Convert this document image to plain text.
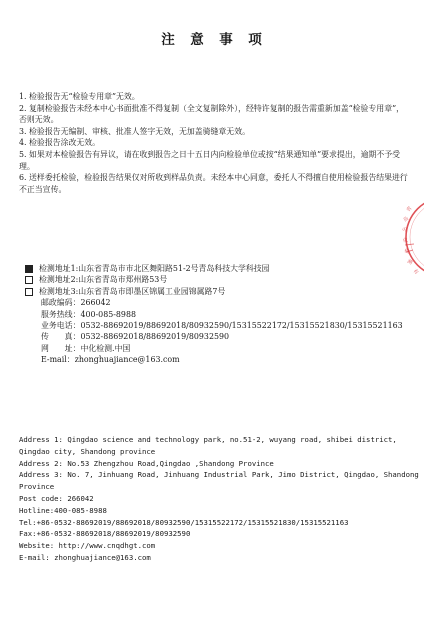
注　意　事　项

1. 检验报告无“检验专用章”无效。

2. 复制检验报告未经本中心书面批准不得复制（全文复制除外），经特许复制的报告需重新加盖“检验专用章”，否则无效。

3. 检验报告无编制、审核、批准人签字无效，无加盖骑缝章无效。

4. 检验报告涂改无效。

5. 如果对本检验报告有异议，请在收到报告之日十五日内向检验单位或按“结果通知单”要求提出，逾期不予受理。

6. 送样委托检验，检验报告结果仅对所收到样品负责。未经本中心同意，委托人不得擅自使用检验报告结果进行不正当宣传。

青
岛
中
化
检
测
有
检测地址1:山东省青岛市市北区舞阳路51-2号青岛科技大学科技园
检测地址2:山东省青岛市郑州路53号
检测地址3:山东省青岛市即墨区锦属工业园锦属路7号
邮政编码：266042
服务热线：400-085-8988
业务电话：0532-88692019/88692018/80932590/15315522172/15315521830/15315521163
传　　真：0532-88692018/88692019/80932590
网　　址：中化检测.中国
E-mail：zhonghuajiance@163.com

Address 1: Qingdao science and technology park, no.51-2, wuyang road, shibei district, Qingdao city, Shandong province

Address 2: No.53 Zhengzhou Road,Qingdao ,Shandong Province

Address 3: No. 7, Jinhuang Road, Jinhuang Industrial Park, Jimo District, Qingdao, Shandong Province

Post code: 266042

Hotline:400-085-8988

Tel:+86-0532-88692019/88692018/80932590/15315522172/15315521830/15315521163

Fax:+86-0532-88692018/88692019/80932590

Website: http://www.cnqdhgt.com

E-mail: zhonghuajiance@163.com
